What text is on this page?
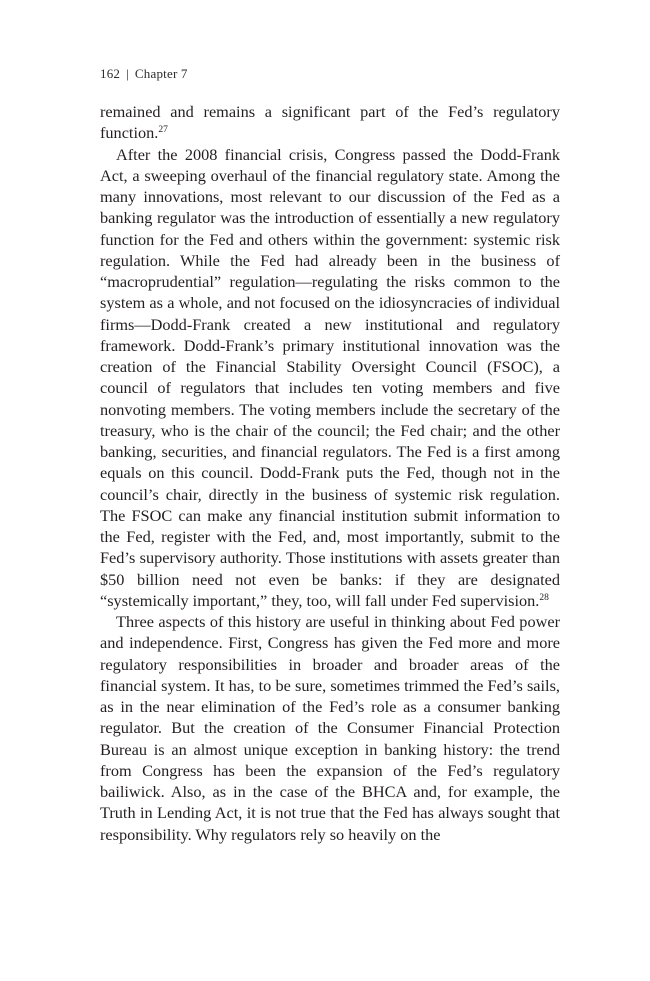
162 | Chapter 7

remained and remains a significant part of the Fed’s regulatory function.$^{27}$

After the 2008 financial crisis, Congress passed the Dodd-Frank Act, a sweeping overhaul of the financial regulatory state. Among the many innovations, most relevant to our discussion of the Fed as a banking regulator was the introduction of essentially a new regulatory function for the Fed and others within the government: systemic risk regulation. While the Fed had already been in the business of “macroprudential” regulation—regulating the risks common to the system as a whole, and not focused on the idiosyncracies of individual firms—Dodd-Frank created a new institutional and regulatory framework. Dodd-Frank’s primary institutional innovation was the creation of the Financial Stability Oversight Council (FSOC), a council of regulators that includes ten voting members and five nonvoting members. The voting members include the secretary of the treasury, who is the chair of the council; the Fed chair; and the other banking, securities, and financial regulators. The Fed is a first among equals on this council. Dodd-Frank puts the Fed, though not in the council’s chair, directly in the business of systemic risk regulation. The FSOC can make any financial institution submit information to the Fed, register with the Fed, and, most importantly, submit to the Fed’s supervisory authority. Those institutions with assets greater than $50 billion need not even be banks: if they are designated “systemically important,” they, too, will fall under Fed supervision.$^{28}$

Three aspects of this history are useful in thinking about Fed power and independence. First, Congress has given the Fed more and more regulatory responsibilities in broader and broader areas of the financial system. It has, to be sure, sometimes trimmed the Fed’s sails, as in the near elimination of the Fed’s role as a consumer banking regulator. But the creation of the Consumer Financial Protection Bureau is an almost unique exception in banking history: the trend from Congress has been the expansion of the Fed’s regulatory bailiwick. Also, as in the case of the BHCA and, for example, the Truth in Lending Act, it is not true that the Fed has always sought that responsibility. Why regulators rely so heavily on the
